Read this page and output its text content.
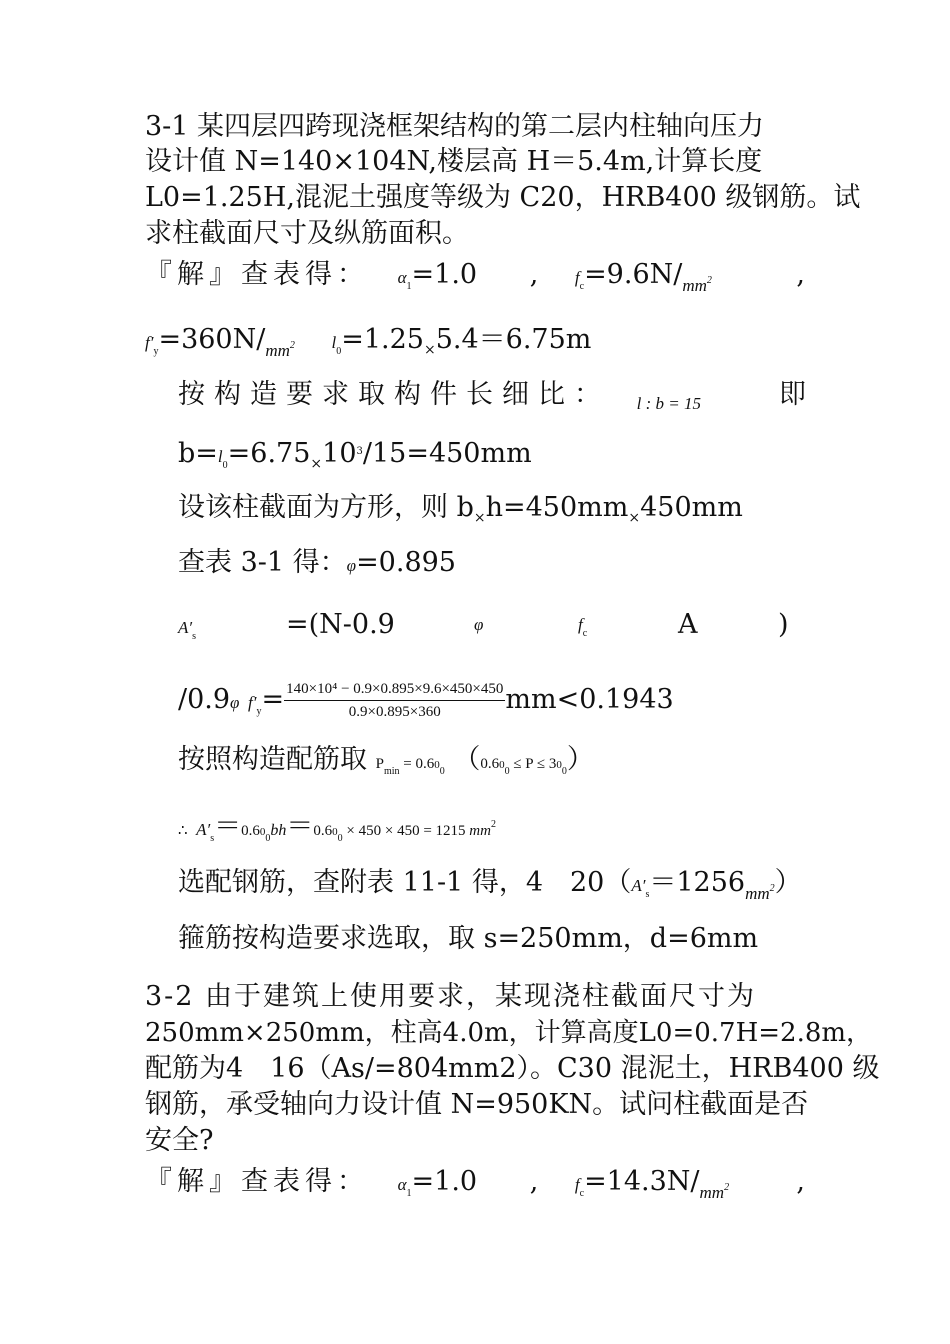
3-1 某四层四跨现浇框架结构的第二层内柱轴向压力
设计值 N=140×104N,楼层高 H＝5.4m,计算长度
L0=1.25H,混泥土强度等级为 C20，HRB400 级钢筋。试
求柱截面尺寸及纵筋面积。
『解』查表得： $\alpha_1=1.0$ , $f_c=9.6N/_{mm^2}$	,
$f'_y=360N/_{mm^2}$ $l_0=1.25_\times 5.4=6.75m$
按构造要求取构件长细比： $_{l : b = 15}$	即
$b=l_0=6.75_\times 10^3/15=450mm$
设该柱截面为方形，则 $b_\times h=450mm_\times 450mm$
查表 3-1 得：φ=0.895
$A'_s$	=(N-0.9	φ	$f_c$	A	)
/0.9φ $f'_y= \frac{\text{140×10⁴ − 0.9×0.895×9.6×450×450}}{0.9\times 0.895\times 360} mm<0.1943$
按照构造配筋取 $P_{min} = 0.60_0$ $(0.60_0 \le P \le 30_0)$
∴ $A'_s=0.60_0bh=0.60_0 \times 450 \times 450 = 1215$ $mm^2$
选配钢筋，查附表 11-1 得，4　$20(A'_s=1256_{mm^2})$
箍筋按构造要求选取，取 s=250mm，d=6mm
3-2 由于建筑上使用要求，某现浇柱截面尺寸为
250mm×250mm，柱高4.0m，计算高度L0=0.7H=2.8m，
配筋为4　16（As/=804mm2）。C30 混泥土，HRB400 级
钢筋，承受轴向力设计值 N=950KN。试问柱截面是否
安全?
『解』查表得： $\alpha_1=1.0$ , $f_c=14.3N/_{mm^2}$ ,
